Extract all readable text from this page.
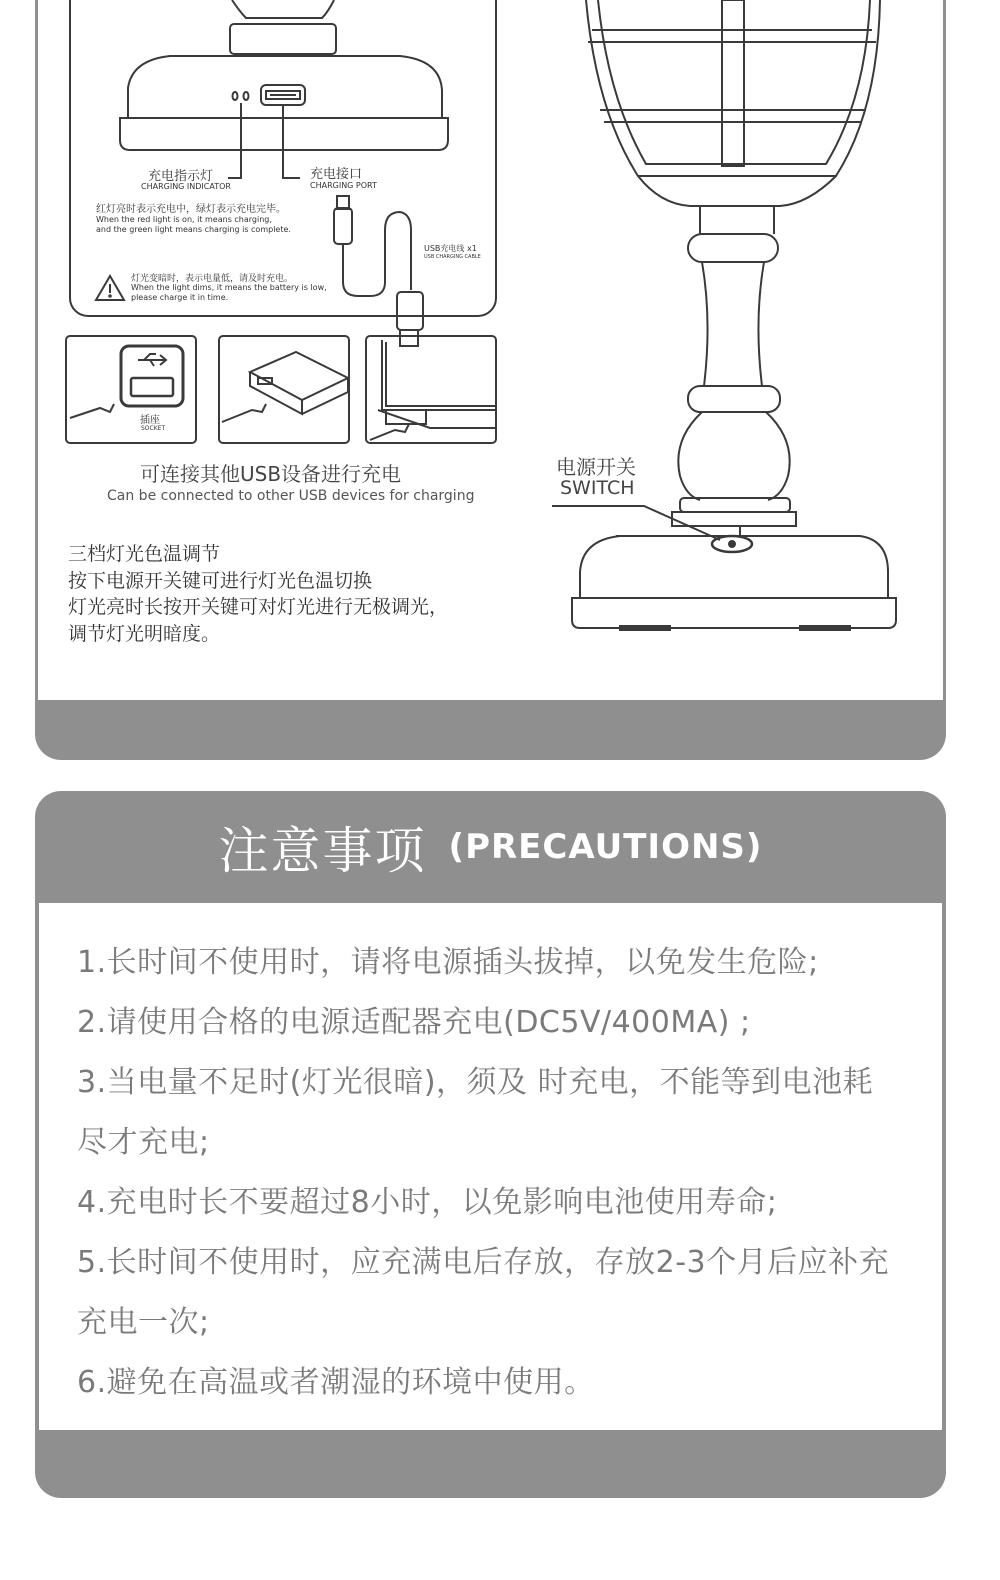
充电指示灯
CHARGING INDICATOR
充电接口
CHARGING PORT
红灯亮时表示充电中，绿灯表示充电完毕。
When the red light is on, it means charging,
and the green light means charging is complete.
USB充电线 x1
USB CHARGING CABLE
灯光变暗时，表示电量低，请及时充电。
When the light dims, it means the battery is low,
please charge it in time.
插座
SOCKET
可连接其他USB设备进行充电
Can be connected to other USB devices for charging
电源开关
SWITCH
三档灯光色温调节
按下电源开关键可进行灯光色温切换
灯光亮时长按开关键可对灯光进行无极调光，
调节灯光明暗度。
注意事项 (PRECAUTIONS)
1.长时间不使用时，请将电源插头拔掉，以免发生危险;
2.请使用合格的电源适配器充电(DC5V/400MA) ;
3.当电量不足时(灯光很暗)，须及 时充电，不能等到电池耗
尽才充电;
4.充电时长不要超过8小时，以免影响电池使用寿命;
5.长时间不使用时，应充满电后存放，存放2-3个月后应补充
充电一次;
6.避免在高温或者潮湿的环境中使用。
